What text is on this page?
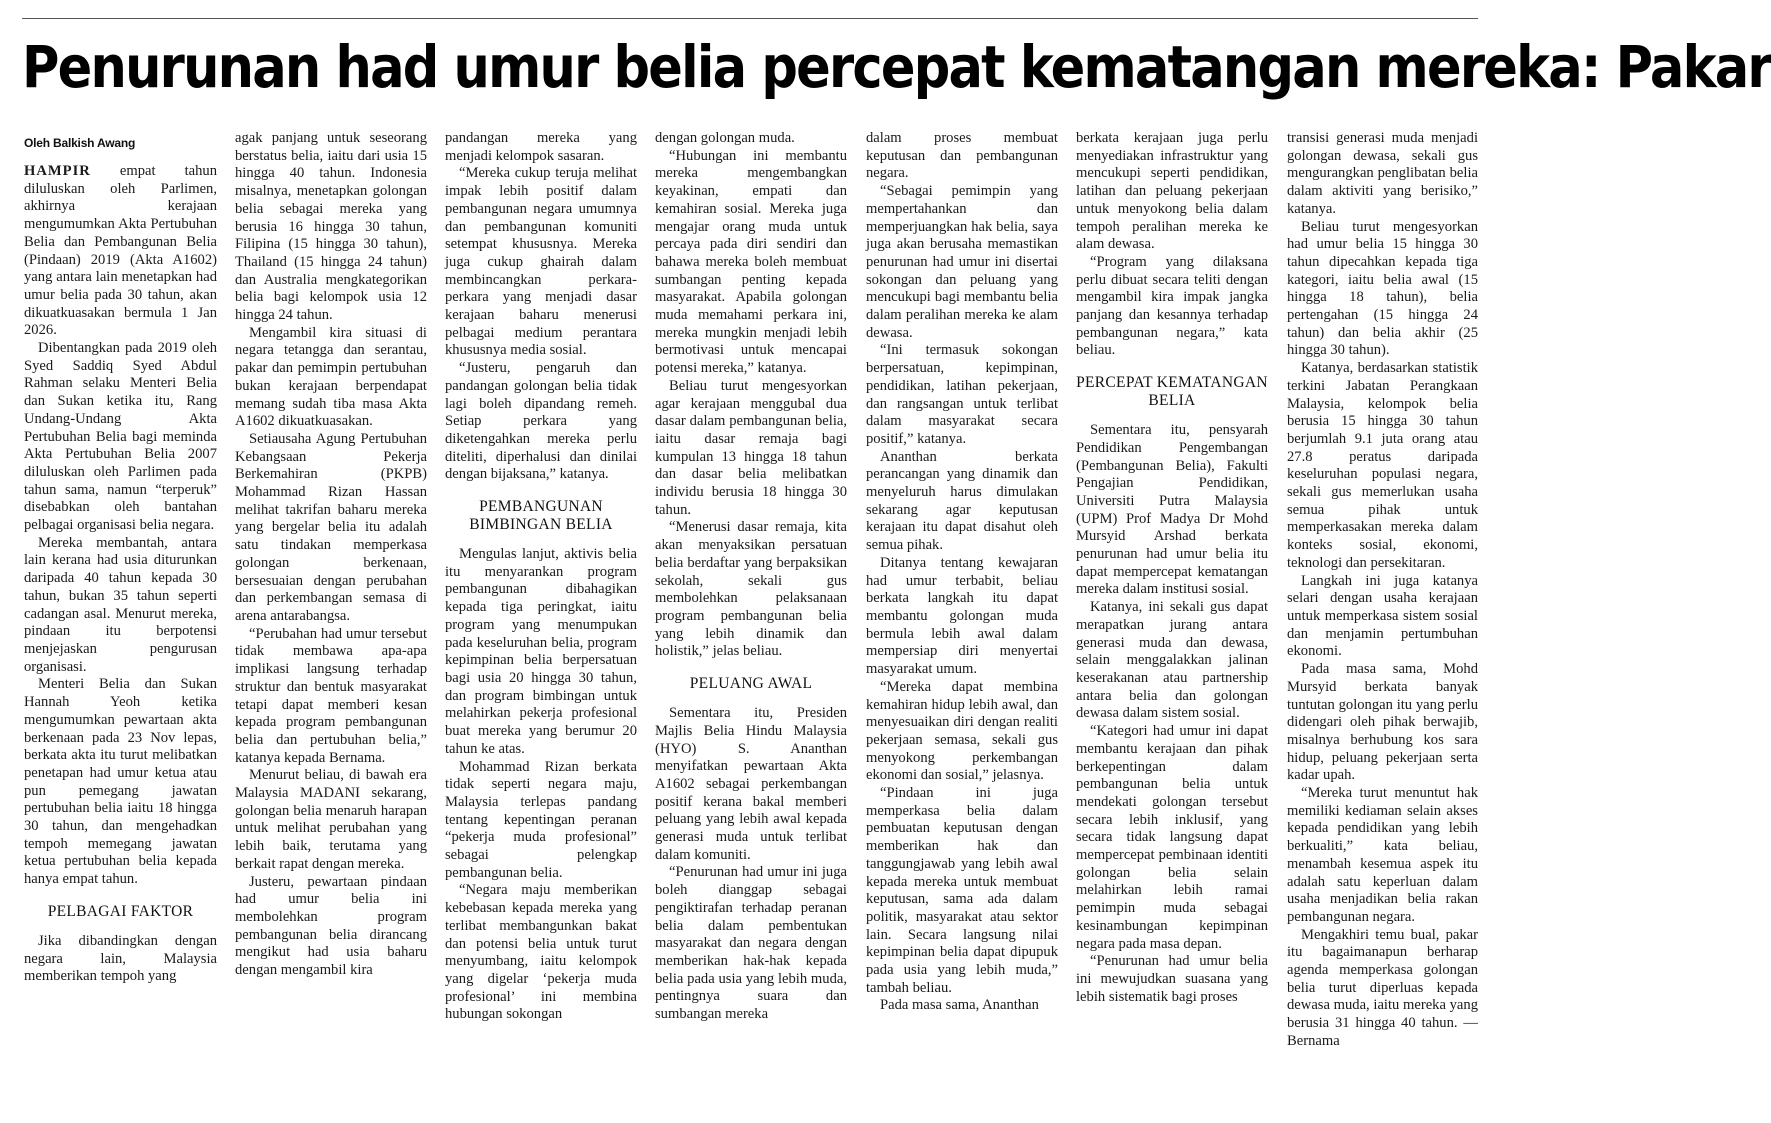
Penurunan had umur belia percepat kematangan mereka: Pakar
Oleh Balkish Awang

HAMPIR empat tahun diluluskan oleh Parlimen, akhirnya kerajaan mengumumkan Akta Pertubuhan Belia dan Pembangunan Belia (Pindaan) 2019 (Akta A1602) yang antara lain menetapkan had umur belia pada 30 tahun, akan dikuatkuasakan bermula 1 Jan 2026.

Dibentangkan pada 2019 oleh Syed Saddiq Syed Abdul Rahman selaku Menteri Belia dan Sukan ketika itu, Rang Undang-Undang Akta Pertubuhan Belia bagi meminda Akta Pertubuhan Belia 2007 diluluskan oleh Parlimen pada tahun sama, namun “terperuk” disebabkan oleh bantahan pelbagai organisasi belia negara.

Mereka membantah, antara lain kerana had usia diturunkan daripada 40 tahun kepada 30 tahun, bukan 35 tahun seperti cadangan asal. Menurut mereka, pindaan itu berpotensi menjejaskan pengurusan organisasi.

Menteri Belia dan Sukan Hannah Yeoh ketika mengumumkan pewartaan akta berkenaan pada 23 Nov lepas, berkata akta itu turut melibatkan penetapan had umur ketua atau pun pemegang jawatan pertubuhan belia iaitu 18 hingga 30 tahun, dan mengehadkan tempoh memegang jawatan ketua pertubuhan belia kepada hanya empat tahun.

PELBAGAI FAKTOR

Jika dibandingkan dengan negara lain, Malaysia memberikan tempoh yang

agak panjang untuk seseorang berstatus belia, iaitu dari usia 15 hingga 40 tahun. Indonesia misalnya, menetapkan golongan belia sebagai mereka yang berusia 16 hingga 30 tahun, Filipina (15 hingga 30 tahun), Thailand (15 hingga 24 tahun) dan Australia mengkategorikan belia bagi kelompok usia 12 hingga 24 tahun.

Mengambil kira situasi di negara tetangga dan serantau, pakar dan pemimpin pertubuhan bukan kerajaan berpendapat memang sudah tiba masa Akta A1602 dikuatkuasakan.

Setiausaha Agung Pertubuhan Kebangsaan Pekerja Berkemahiran (PKPB) Mohammad Rizan Hassan melihat takrifan baharu mereka yang bergelar belia itu adalah satu tindakan memperkasa golongan berkenaan, bersesuaian dengan perubahan dan perkembangan semasa di arena antarabangsa.

“Perubahan had umur tersebut tidak membawa apa-apa implikasi langsung terhadap struktur dan bentuk masyarakat tetapi dapat memberi kesan kepada program pembangunan belia dan pertubuhan belia,” katanya kepada Bernama.

Menurut beliau, di bawah era Malaysia MADANI sekarang, golongan belia menaruh harapan untuk melihat perubahan yang lebih baik, terutama yang berkait rapat dengan mereka.

Justeru, pewartaan pindaan had umur belia ini membolehkan program pembangunan belia dirancang mengikut had usia baharu dengan mengambil kira

pandangan mereka yang menjadi kelompok sasaran.

“Mereka cukup teruja melihat impak lebih positif dalam pembangunan negara umumnya dan pembangunan komuniti setempat khususnya. Mereka juga cukup ghairah dalam membincangkan perkara-perkara yang menjadi dasar kerajaan baharu menerusi pelbagai medium perantara khususnya media sosial.

“Justeru, pengaruh dan pandangan golongan belia tidak lagi boleh dipandang remeh. Setiap perkara yang diketengahkan mereka perlu diteliti, diperhalusi dan dinilai dengan bijaksana,” katanya.

PEMBANGUNAN BIMBINGAN BELIA

Mengulas lanjut, aktivis belia itu menyarankan program pembangunan dibahagikan kepada tiga peringkat, iaitu program yang menumpukan pada keseluruhan belia, program kepimpinan belia berpersatuan bagi usia 20 hingga 30 tahun, dan program bimbingan untuk melahirkan pekerja profesional buat mereka yang berumur 20 tahun ke atas.

Mohammad Rizan berkata tidak seperti negara maju, Malaysia terlepas pandang tentang kepentingan peranan “pekerja muda profesional” sebagai pelengkap pembangunan belia.

“Negara maju memberikan kebebasan kepada mereka yang terlibat membangunkan bakat dan potensi belia untuk turut menyumbang, iaitu kelompok yang digelar ‘pekerja muda profesional’ ini membina hubungan sokongan

dengan golongan muda.

“Hubungan ini membantu mereka mengembangkan keyakinan, empati dan kemahiran sosial. Mereka juga mengajar orang muda untuk percaya pada diri sendiri dan bahawa mereka boleh membuat sumbangan penting kepada masyarakat. Apabila golongan muda memahami perkara ini, mereka mungkin menjadi lebih bermotivasi untuk mencapai potensi mereka,” katanya.

Beliau turut mengesyorkan agar kerajaan menggubal dua dasar dalam pembangunan belia, iaitu dasar remaja bagi kumpulan 13 hingga 18 tahun dan dasar belia melibatkan individu berusia 18 hingga 30 tahun.

“Menerusi dasar remaja, kita akan menyaksikan persatuan belia berdaftar yang berpaksikan sekolah, sekali gus membolehkan pelaksanaan program pembangunan belia yang lebih dinamik dan holistik,” jelas beliau.

PELUANG AWAL

Sementara itu, Presiden Majlis Belia Hindu Malaysia (HYO) S. Ananthan menyifatkan pewartaan Akta A1602 sebagai perkembangan positif kerana bakal memberi peluang yang lebih awal kepada generasi muda untuk terlibat dalam komuniti.

“Penurunan had umur ini juga boleh dianggap sebagai pengiktirafan terhadap peranan belia dalam pembentukan masyarakat dan negara dengan memberikan hak-hak kepada belia pada usia yang lebih muda, pentingnya suara dan sumbangan mereka

dalam proses membuat keputusan dan pembangunan negara.

“Sebagai pemimpin yang mempertahankan dan memperjuangkan hak belia, saya juga akan berusaha memastikan penurunan had umur ini disertai sokongan dan peluang yang mencukupi bagi membantu belia dalam peralihan mereka ke alam dewasa.

“Ini termasuk sokongan berpersatuan, kepimpinan, pendidikan, latihan pekerjaan, dan rangsangan untuk terlibat dalam masyarakat secara positif,” katanya.

Ananthan berkata perancangan yang dinamik dan menyeluruh harus dimulakan sekarang agar keputusan kerajaan itu dapat disahut oleh semua pihak.

Ditanya tentang kewajaran had umur terbabit, beliau berkata langkah itu dapat membantu golongan muda bermula lebih awal dalam mempersiap diri menyertai masyarakat umum.

“Mereka dapat membina kemahiran hidup lebih awal, dan menyesuaikan diri dengan realiti pekerjaan semasa, sekali gus menyokong perkembangan ekonomi dan sosial,” jelasnya.

“Pindaan ini juga memperkasa belia dalam pembuatan keputusan dengan memberikan hak dan tanggungjawab yang lebih awal kepada mereka untuk membuat keputusan, sama ada dalam politik, masyarakat atau sektor lain. Secara langsung nilai kepimpinan belia dapat dipupuk pada usia yang lebih muda,” tambah beliau.

Pada masa sama, Ananthan

berkata kerajaan juga perlu menyediakan infrastruktur yang mencukupi seperti pendidikan, latihan dan peluang pekerjaan untuk menyokong belia dalam tempoh peralihan mereka ke alam dewasa.

“Program yang dilaksana perlu dibuat secara teliti dengan mengambil kira impak jangka panjang dan kesannya terhadap pembangunan negara,” kata beliau.

PERCEPAT KEMATANGAN BELIA

Sementara itu, pensyarah Pendidikan Pengembangan (Pembangunan Belia), Fakulti Pengajian Pendidikan, Universiti Putra Malaysia (UPM) Prof Madya Dr Mohd Mursyid Arshad berkata penurunan had umur belia itu dapat mempercepat kematangan mereka dalam institusi sosial.

Katanya, ini sekali gus dapat merapatkan jurang antara generasi muda dan dewasa, selain menggalakkan jalinan keserakanan atau partnership antara belia dan golongan dewasa dalam sistem sosial.

“Kategori had umur ini dapat membantu kerajaan dan pihak berkepentingan dalam pembangunan belia untuk mendekati golongan tersebut secara lebih inklusif, yang secara tidak langsung dapat mempercepat pembinaan identiti golongan belia selain melahirkan lebih ramai pemimpin muda sebagai kesinambungan kepimpinan negara pada masa depan.

“Penurunan had umur belia ini mewujudkan suasana yang lebih sistematik bagi proses

transisi generasi muda menjadi golongan dewasa, sekali gus mengurangkan penglibatan belia dalam aktiviti yang berisiko,” katanya.

Beliau turut mengesyorkan had umur belia 15 hingga 30 tahun dipecahkan kepada tiga kategori, iaitu belia awal (15 hingga 18 tahun), belia pertengahan (15 hingga 24 tahun) dan belia akhir (25 hingga 30 tahun).

Katanya, berdasarkan statistik terkini Jabatan Perangkaan Malaysia, kelompok belia berusia 15 hingga 30 tahun berjumlah 9.1 juta orang atau 27.8 peratus daripada keseluruhan populasi negara, sekali gus memerlukan usaha semua pihak untuk memperkasakan mereka dalam konteks sosial, ekonomi, teknologi dan persekitaran.

Langkah ini juga katanya selari dengan usaha kerajaan untuk memperkasa sistem sosial dan menjamin pertumbuhan ekonomi.

Pada masa sama, Mohd Mursyid berkata banyak tuntutan golongan itu yang perlu didengari oleh pihak berwajib, misalnya berhubung kos sara hidup, peluang pekerjaan serta kadar upah.

“Mereka turut menuntut hak memiliki kediaman selain akses kepada pendidikan yang lebih berkualiti,” kata beliau, menambah kesemua aspek itu adalah satu keperluan dalam usaha menjadikan belia rakan pembangunan negara.

Mengakhiri temu bual, pakar itu bagaimanapun berharap agenda memperkasa golongan belia turut diperluas kepada dewasa muda, iaitu mereka yang berusia 31 hingga 40 tahun. — Bernama
